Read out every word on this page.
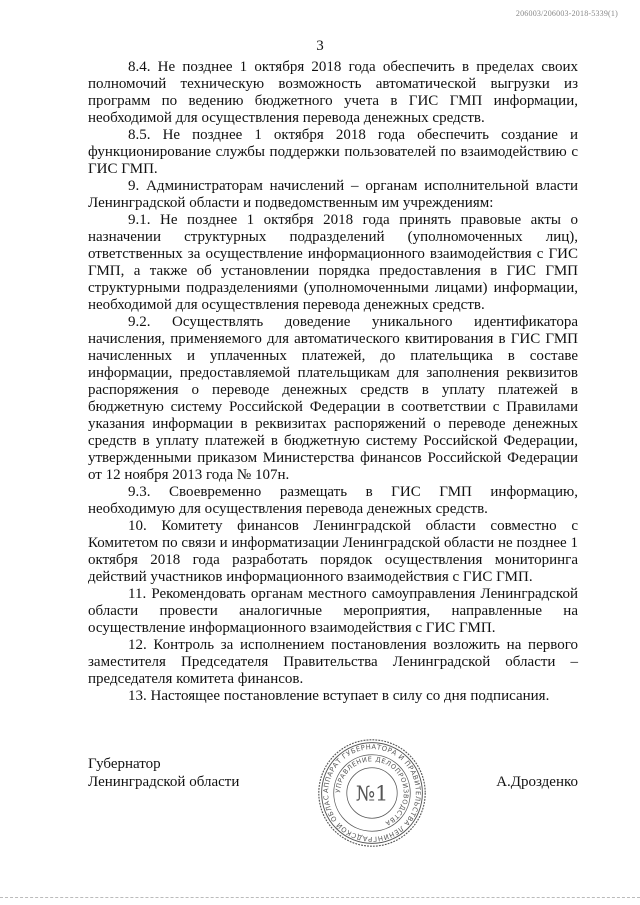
206003/206003-2018-5339(1)
3

8.4. Не позднее 1 октября 2018 года обеспечить в пределах своих полномочий техническую возможность автоматической выгрузки из программ по ведению бюджетного учета в ГИС ГМП информации, необходимой для осуществления перевода денежных средств.

8.5. Не позднее 1 октября 2018 года обеспечить создание и функционирование службы поддержки пользователей по взаимодействию с ГИС ГМП.

9. Администраторам начислений – органам исполнительной власти Ленинградской области и подведомственным им учреждениям:

9.1. Не позднее 1 октября 2018 года принять правовые акты о назначении структурных подразделений (уполномоченных лиц), ответственных за осуществление информационного взаимодействия с ГИС ГМП, а также об установлении порядка предоставления в ГИС ГМП структурными подразделениями (уполномоченными лицами) информации, необходимой для осуществления перевода денежных средств.

9.2. Осуществлять доведение уникального идентификатора начисления, применяемого для автоматического квитирования в ГИС ГМП начисленных и уплаченных платежей, до плательщика в составе информации, предоставляемой плательщикам для заполнения реквизитов распоряжения о переводе денежных средств в уплату платежей в бюджетную систему Российской Федерации в соответствии с Правилами указания информации в реквизитах распоряжений о переводе денежных средств в уплату платежей в бюджетную систему Российской Федерации, утвержденными приказом Министерства финансов Российской Федерации от 12 ноября 2013 года № 107н.

9.3. Своевременно размещать в ГИС ГМП информацию, необходимую для осуществления перевода денежных средств.

10. Комитету финансов Ленинградской области совместно с Комитетом по связи и информатизации Ленинградской области не позднее 1 октября 2018 года разработать порядок осуществления мониторинга действий участников информационного взаимодействия с ГИС ГМП.

11. Рекомендовать органам местного самоуправления Ленинградской области провести аналогичные мероприятия, направленные на осуществление информационного взаимодействия с ГИС ГМП.

12. Контроль за исполнением постановления возложить на первого заместителя Председателя Правительства Ленинградской области – председателя комитета финансов.

13. Настоящее постановление вступает в силу со дня подписания.

Губернатор
Ленинградской области
АППАРАТ ГУБЕРНАТОРА И ПРАВИТЕЛЬСТВА ЛЕНИНГРАДСКОЙ ОБЛАС
УПРАВЛЕНИЕ ДЕЛОПРОИЗВОДСТВА
№1	А.Дрозденко
